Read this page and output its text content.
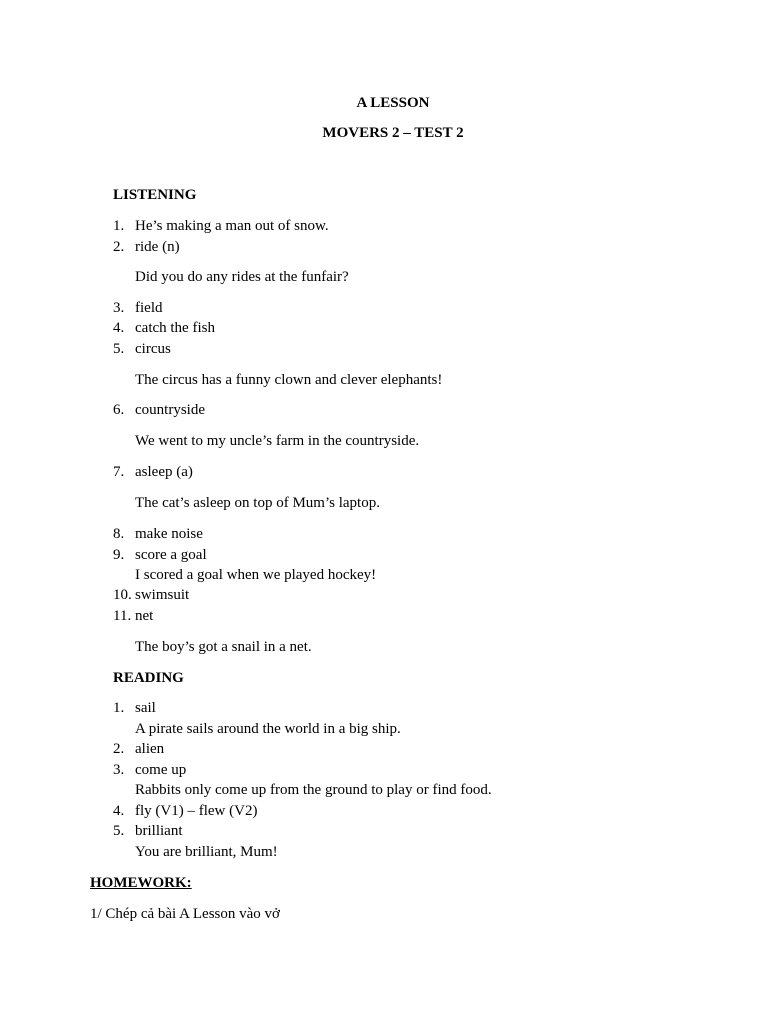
A LESSON
MOVERS 2 – TEST 2
LISTENING
1. He’s making a man out of snow.
2. ride (n)
Did you do any rides at the funfair?
3. field
4. catch the fish
5. circus
The circus has a funny clown and clever elephants!
6. countryside
We went to my uncle’s farm in the countryside.
7. asleep (a)
The cat’s asleep on top of Mum’s laptop.
8. make noise
9. score a goal
I scored a goal when we played hockey!
10. swimsuit
11. net
The boy’s got a snail in a net.
READING
1. sail
A pirate sails around the world in a big ship.
2. alien
3. come up
Rabbits only come up from the ground to play or find food.
4. fly (V1) – flew (V2)
5. brilliant
You are brilliant, Mum!
HOMEWORK:
1/ Chép cả bài A Lesson vào vở
